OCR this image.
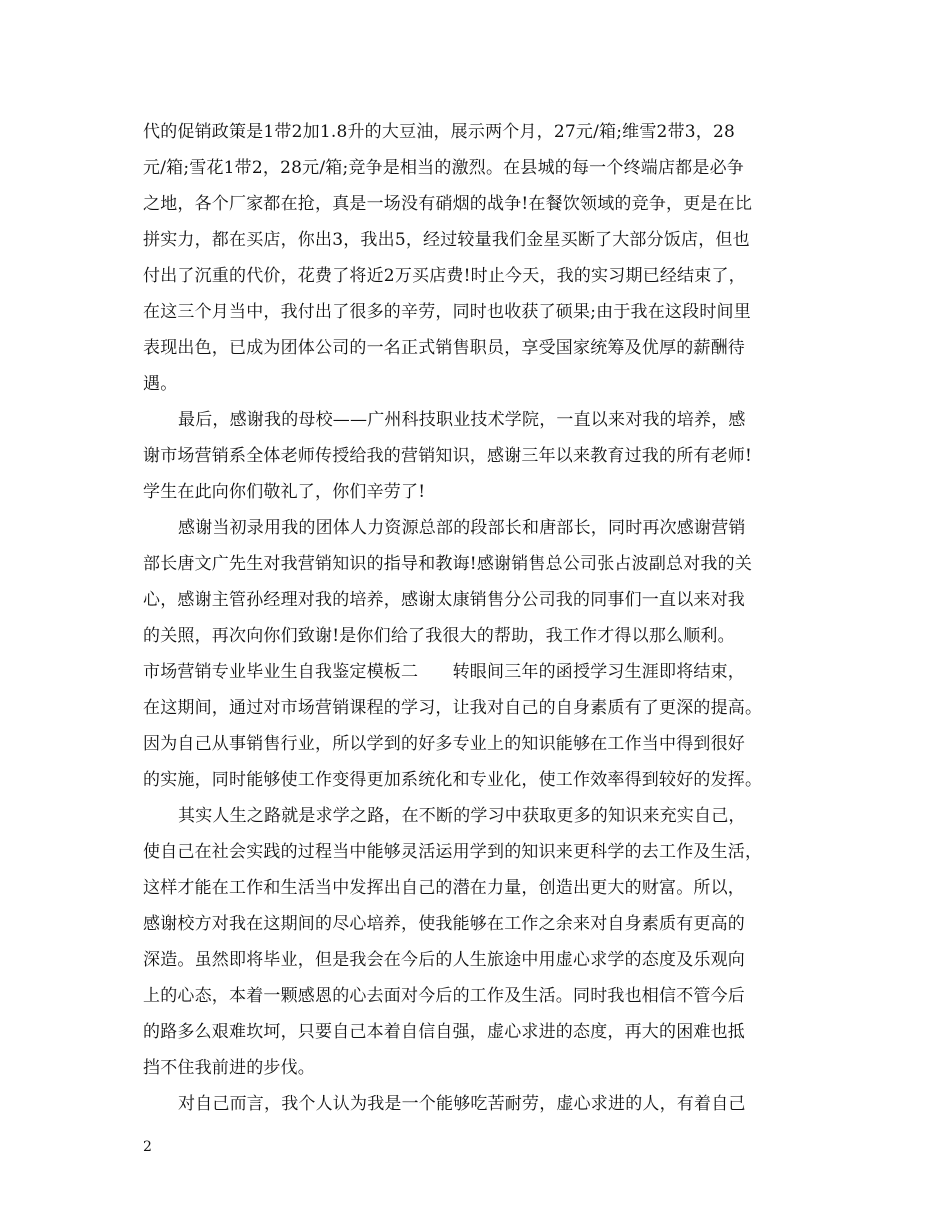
代的促销政策是1带2加1.8升的大豆油，展示两个月，27元/箱;维雪2带3，28
元/箱;雪花1带2，28元/箱;竞争是相当的激烈。在县城的每一个终端店都是必争
之地，各个厂家都在抢，真是一场没有硝烟的战争!在餐饮领域的竞争，更是在比
拼实力，都在买店，你出3，我出5，经过较量我们金星买断了大部分饭店，但也
付出了沉重的代价，花费了将近2万买店费!时止今天，我的实习期已经结束了，
在这三个月当中，我付出了很多的辛劳，同时也收获了硕果;由于我在这段时间里
表现出色，已成为团体公司的一名正式销售职员，享受国家统筹及优厚的薪酬待
遇。
最后，感谢我的母校——广州科技职业技术学院，一直以来对我的培养，感
谢市场营销系全体老师传授给我的营销知识，感谢三年以来教育过我的所有老师!
学生在此向你们敬礼了，你们辛劳了!
感谢当初录用我的团体人力资源总部的段部长和唐部长，同时再次感谢营销
部长唐文广先生对我营销知识的指导和教诲!感谢销售总公司张占波副总对我的关
心，感谢主管孙经理对我的培养，感谢太康销售分公司我的同事们一直以来对我
的关照，再次向你们致谢!是你们给了我很大的帮助，我工作才得以那么顺利。
市场营销专业毕业生自我鉴定模板二　　转眼间三年的函授学习生涯即将结束，
在这期间，通过对市场营销课程的学习，让我对自己的自身素质有了更深的提高。
因为自己从事销售行业，所以学到的好多专业上的知识能够在工作当中得到很好
的实施，同时能够使工作变得更加系统化和专业化，使工作效率得到较好的发挥。
其实人生之路就是求学之路，在不断的学习中获取更多的知识来充实自己，
使自己在社会实践的过程当中能够灵活运用学到的知识来更科学的去工作及生活，
这样才能在工作和生活当中发挥出自己的潜在力量，创造出更大的财富。所以，
感谢校方对我在这期间的尽心培养，使我能够在工作之余来对自身素质有更高的
深造。虽然即将毕业，但是我会在今后的人生旅途中用虚心求学的态度及乐观向
上的心态，本着一颗感恩的心去面对今后的工作及生活。同时我也相信不管今后
的路多么艰难坎坷，只要自己本着自信自强，虚心求进的态度，再大的困难也抵
挡不住我前进的步伐。
对自己而言，我个人认为我是一个能够吃苦耐劳，虚心求进的人，有着自己
2
